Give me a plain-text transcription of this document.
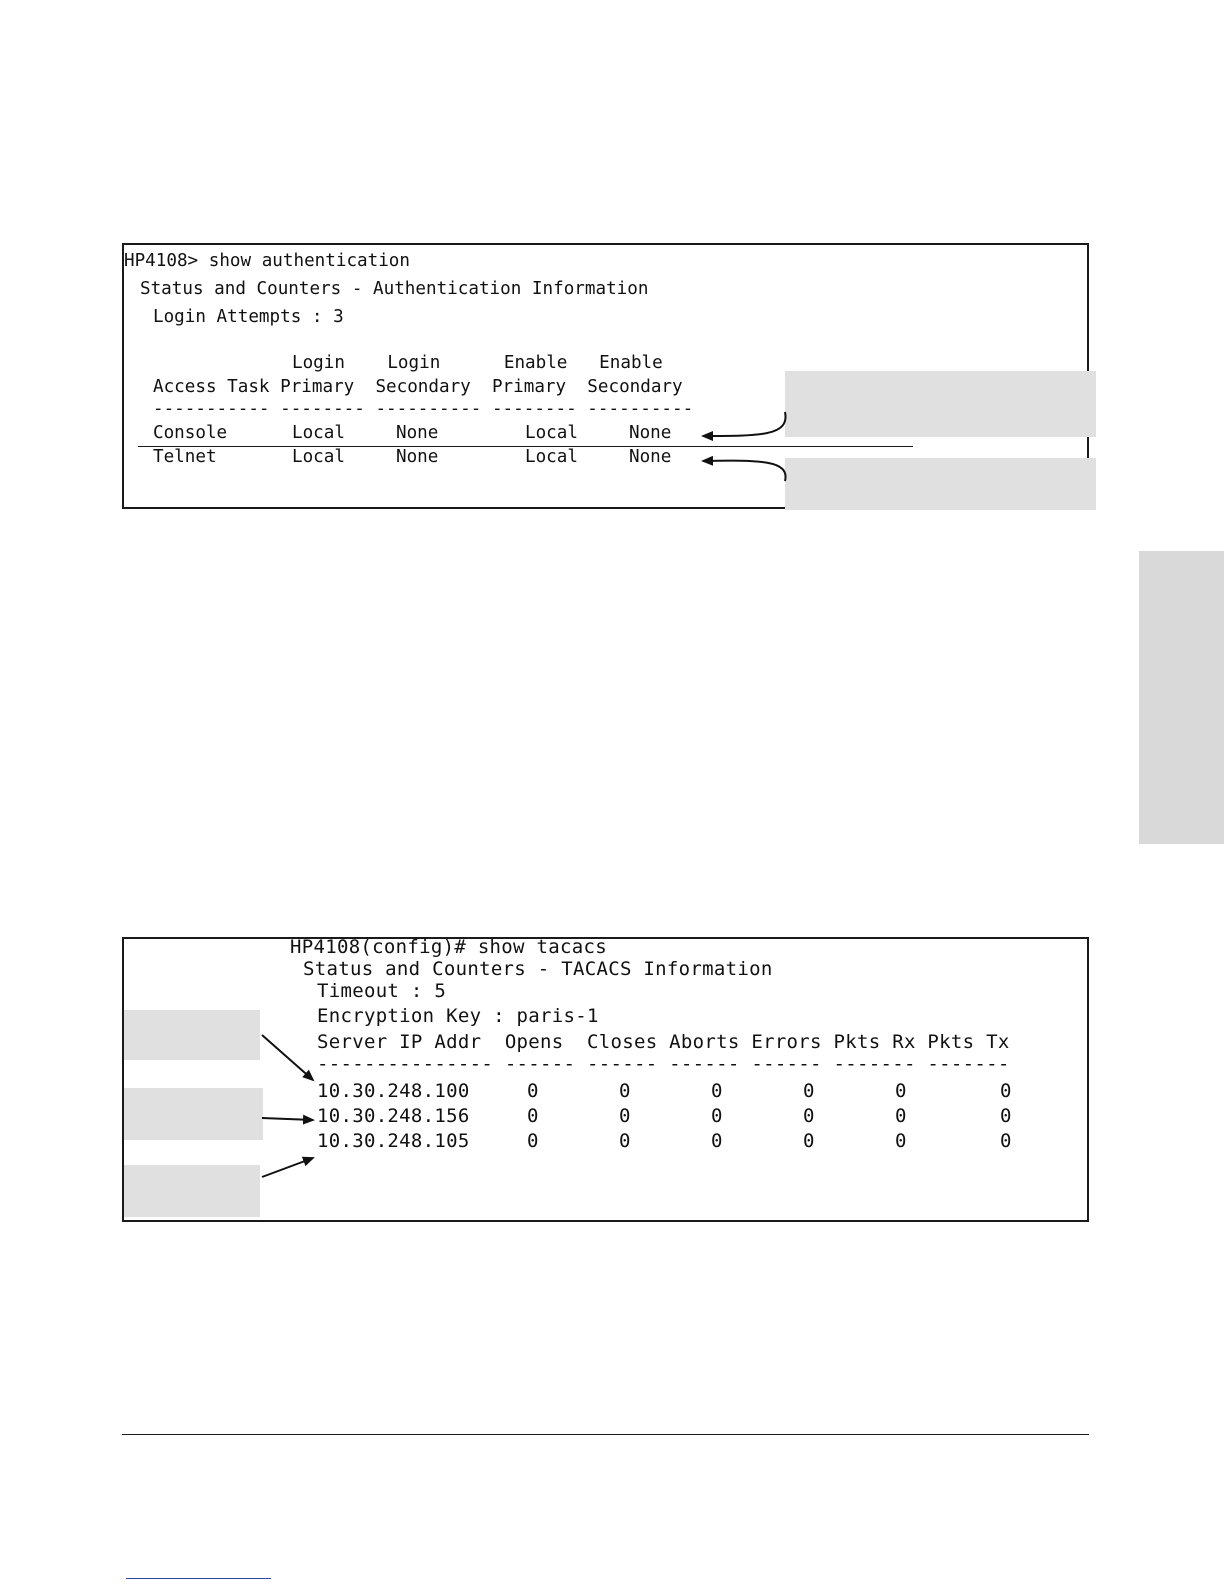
HP4108> show authentication
Status and Counters - Authentication Information
Login Attempts : 3
Login    Login      Enable   Enable
Access Task Primary  Secondary  Primary  Secondary
----------- -------- ---------- -------- ----------
Console	Local	None	Local	None
Telnet	Local	None	Local	None
HP4108(config)# show tacacs
Status and Counters - TACACS Information
Timeout : 5
Encryption Key : paris-1
Server IP Addr  Opens  Closes Aborts Errors Pkts Rx Pkts Tx
--------------- ------ ------ ------ ------ ------- -------
10.30.248.100	0	0	0	0	0	0
10.30.248.156	0	0	0	0	0	0
10.30.248.105	0	0	0	0	0	0
